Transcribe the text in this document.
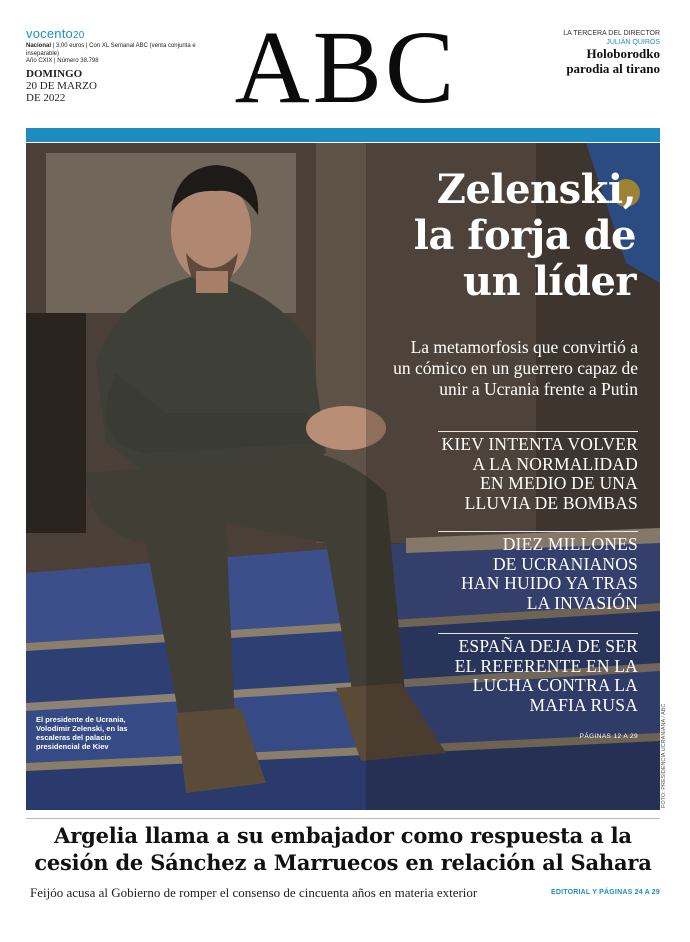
vocento20
Nacional | 3,00 euros | Con XL Semanal ABC (venta conjunta e inseparable)
Año CXIX | Número 38.798
DOMINGO
20 DE MARZO
DE 2022	ABC	LA TERCERA DEL DIRECTOR
JULIÁN QUIRÓS
Holoborodko
parodia al tirano
Zelenski,
la forja de
un líder
La metamorfosis que convirtió a
un cómico en un guerrero capaz de
unir a Ucrania frente a Putin
KIEV INTENTA VOLVER
A LA NORMALIDAD
EN MEDIO DE UNA
LLUVIA DE BOMBAS
DIEZ MILLONES
DE UCRANIANOS
HAN HUIDO YA TRAS
LA INVASIÓN
ESPAÑA DEJA DE SER
EL REFERENTE EN LA
LUCHA CONTRA LA
MAFIA RUSA
PÁGINAS 12 A 29
El presidente de Ucrania, Volodímir Zelenski, en las escaleras del palacio presidencial de Kiev	FOTO: PRESIDENCIA UCRANIANA / ABC
Argelia llama a su embajador como respuesta a la
cesión de Sánchez a Marruecos en relación al Sahara
Feijóo acusa al Gobierno de romper el consenso de cincuenta años en materia exterior	EDITORIAL Y PÁGINAS 24 A 29
